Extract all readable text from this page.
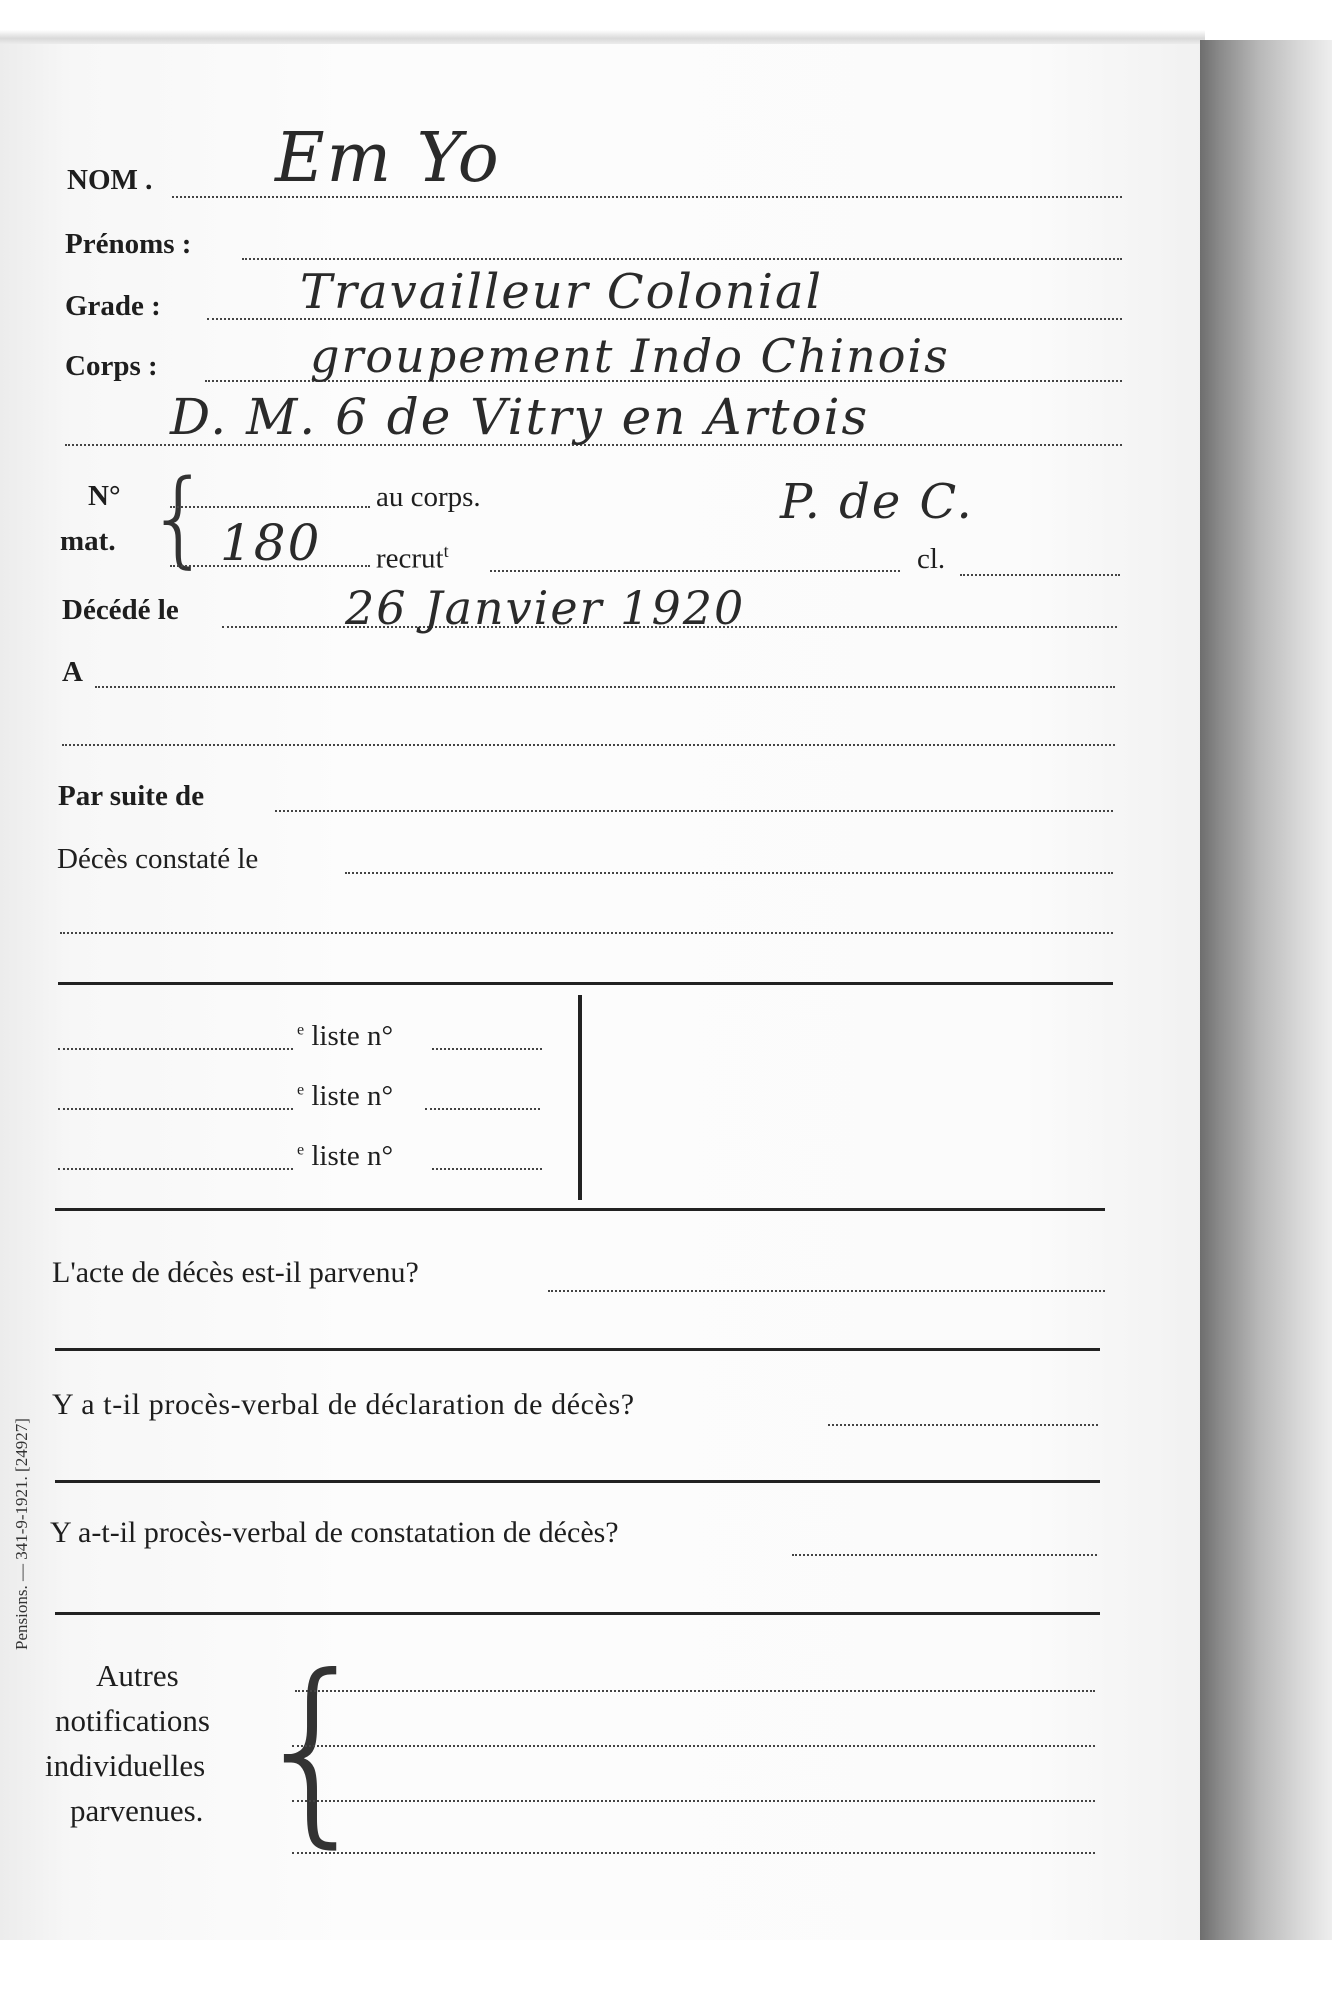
Pensions. — 341-9-1921. [24927]
NOM . Em Yo
Prénoms :
Grade :	Travailleur Colonial
Corps :	groupement Indo Chinois
D. M. 6 de Vitry en Artois
N°
mat. {	au corps.	P. de C.
180 recrut$^t$	cl.
Décédé le	26 Janvier 1920
A
Par suite de
Décès constaté le
$^e$ liste n°
$^e$ liste n°
$^e$ liste n°
L'acte de décès est-il parvenu?
Y a t-il procès-verbal de déclaration de décès?
Y a-t-il procès-verbal de constatation de décès?
Autres
notifications
individuelles
parvenues. {
